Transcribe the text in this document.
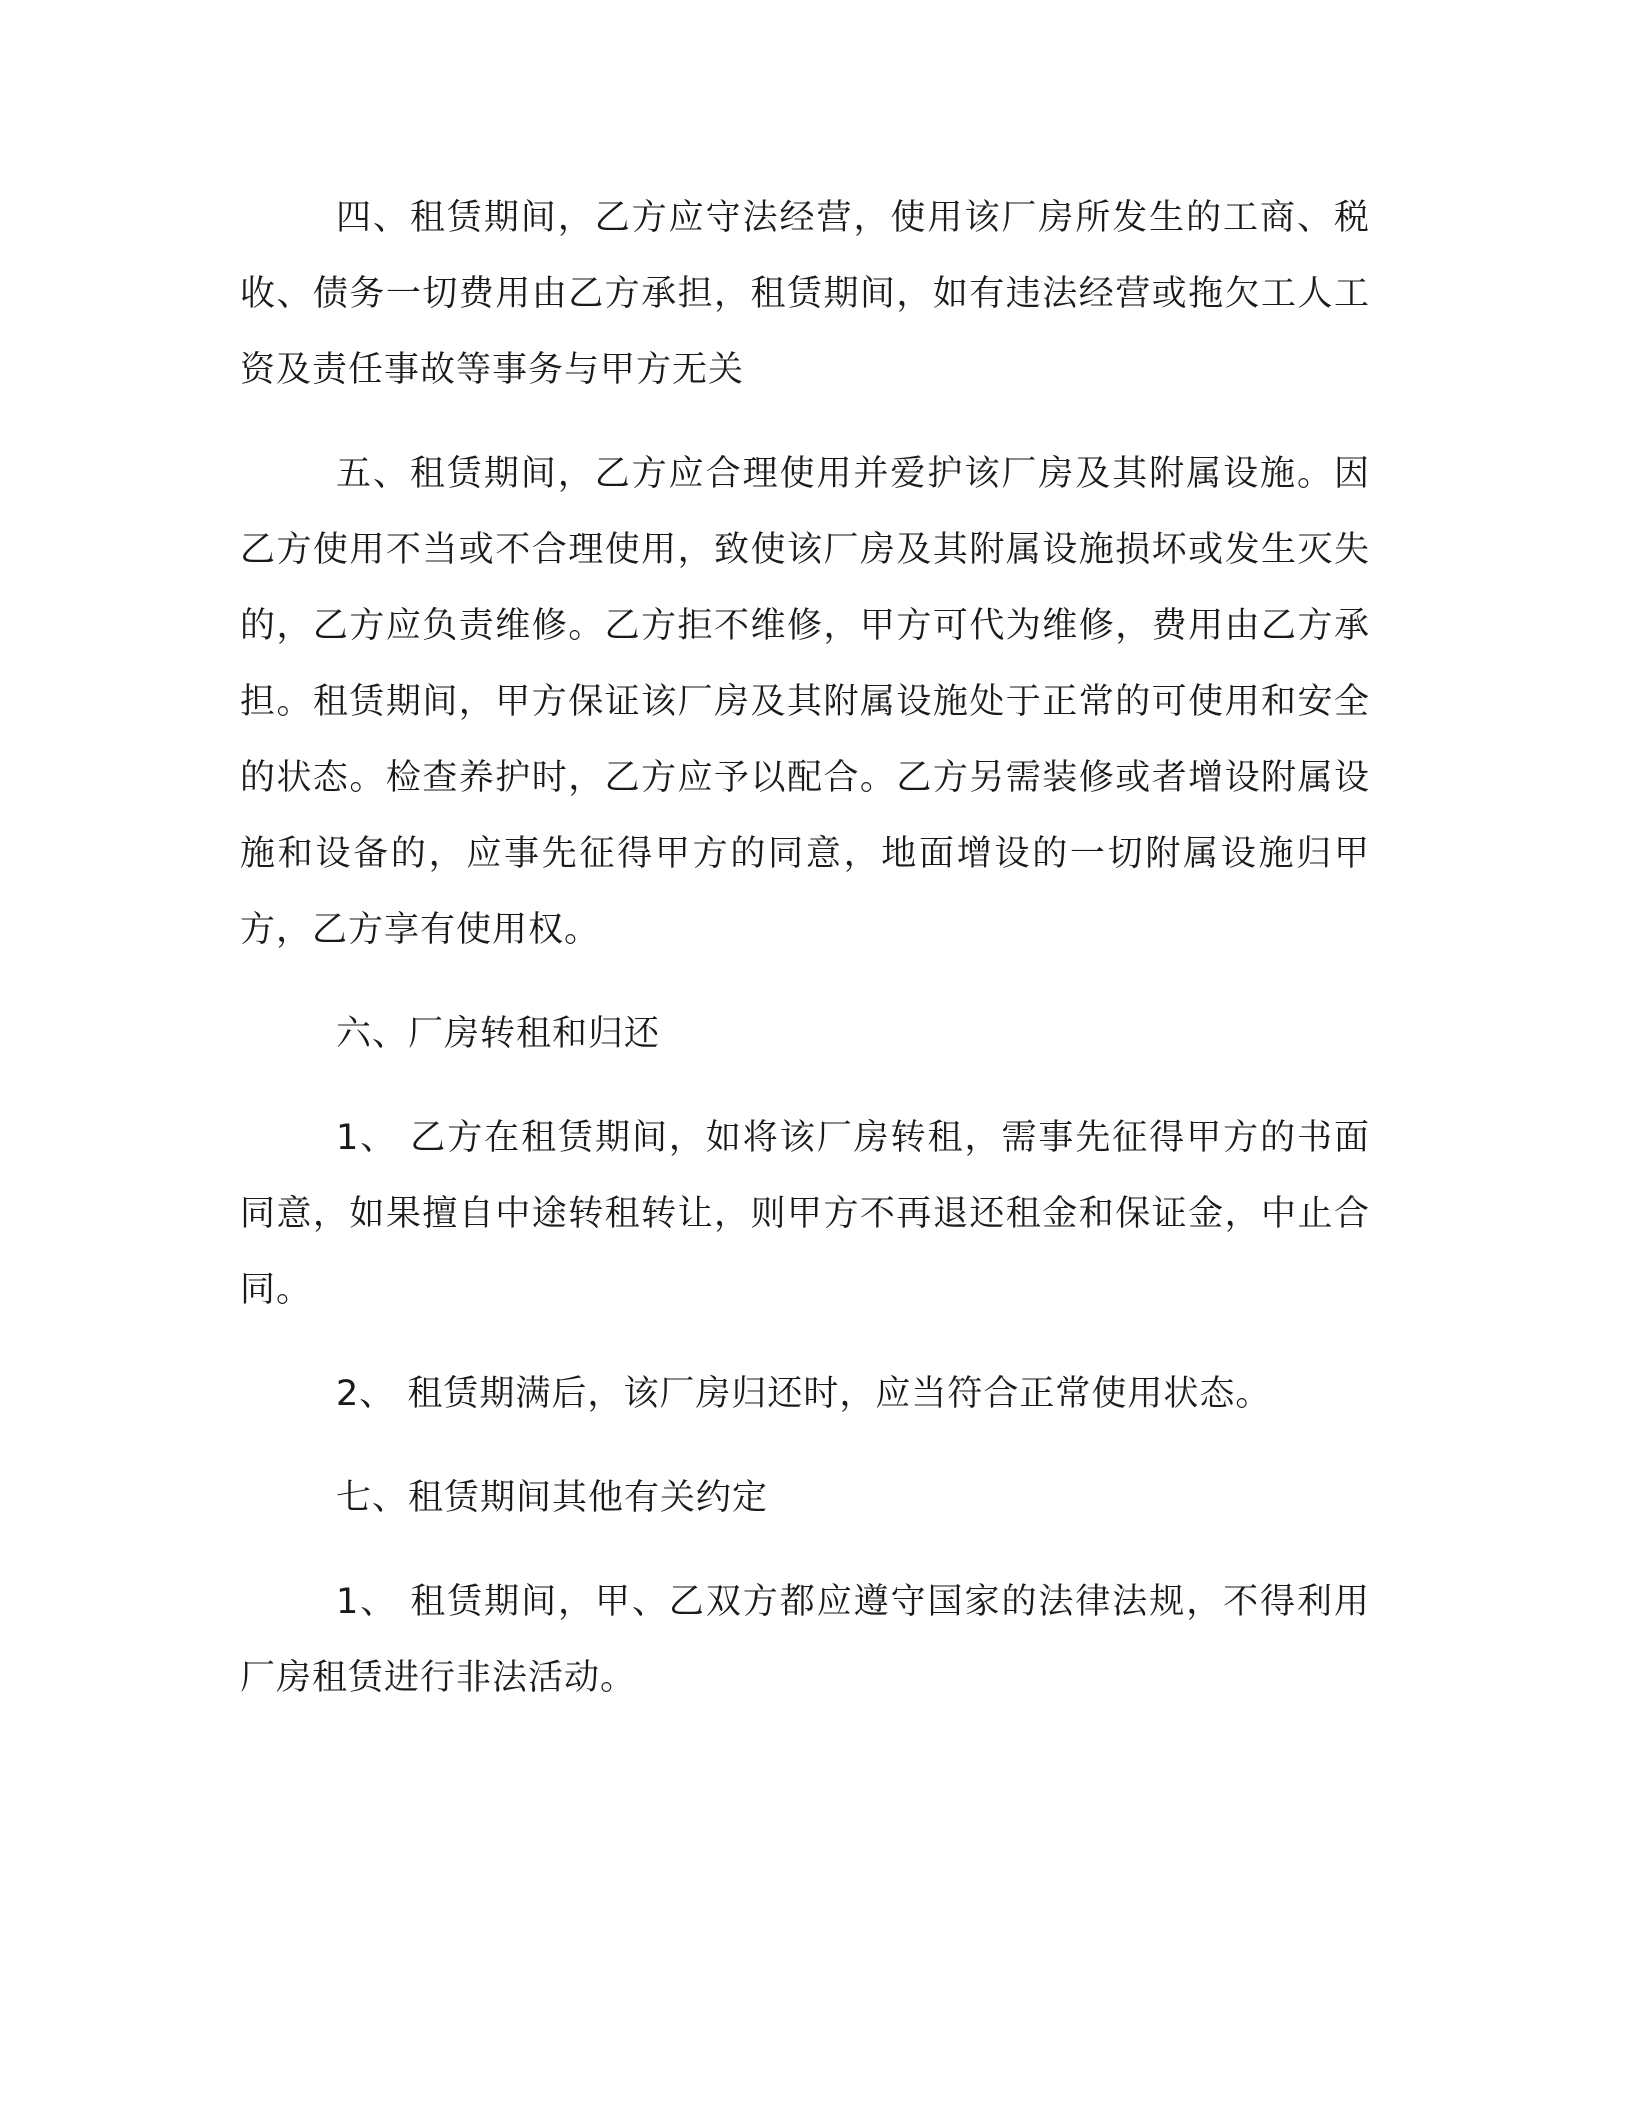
四、租赁期间，乙方应守法经营，使用该厂房所发生的工商、税收、债务一切费用由乙方承担，租赁期间，如有违法经营或拖欠工人工资及责任事故等事务与甲方无关

五、租赁期间，乙方应合理使用并爱护该厂房及其附属设施。因乙方使用不当或不合理使用，致使该厂房及其附属设施损坏或发生灭失的，乙方应负责维修。乙方拒不维修，甲方可代为维修，费用由乙方承担。租赁期间，甲方保证该厂房及其附属设施处于正常的可使用和安全的状态。检查养护时，乙方应予以配合。乙方另需装修或者增设附属设施和设备的，应事先征得甲方的同意，地面增设的一切附属设施归甲方，乙方享有使用权。

六、厂房转租和归还

1、 乙方在租赁期间，如将该厂房转租，需事先征得甲方的书面同意，如果擅自中途转租转让，则甲方不再退还租金和保证金，中止合同。

2、 租赁期满后，该厂房归还时，应当符合正常使用状态。

七、租赁期间其他有关约定

1、 租赁期间，甲、乙双方都应遵守国家的法律法规，不得利用厂房租赁进行非法活动。
